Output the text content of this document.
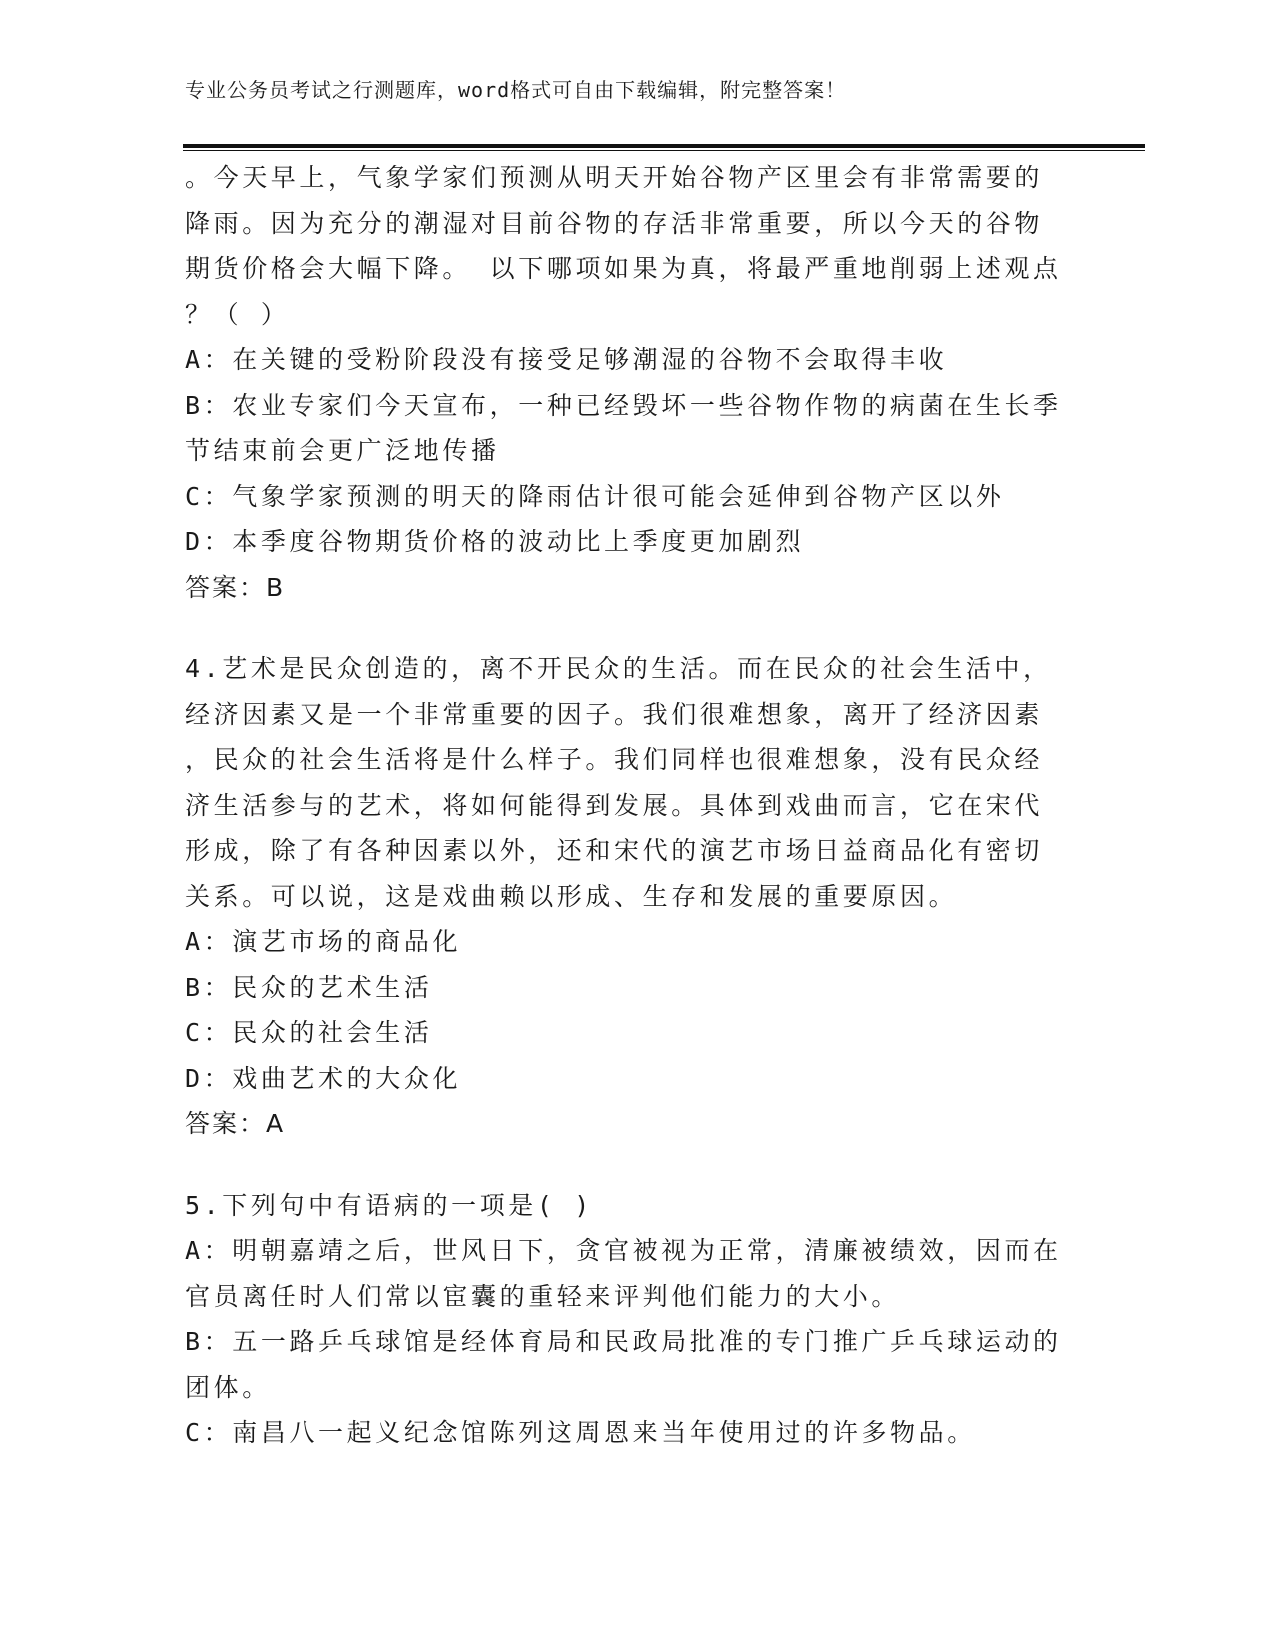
专业公务员考试之行测题库，word格式可自由下载编辑，附完整答案！
。今天早上，气象学家们预测从明天开始谷物产区里会有非常需要的
降雨。因为充分的潮湿对目前谷物的存活非常重要，所以今天的谷物
期货价格会大幅下降。 以下哪项如果为真，将最严重地削弱上述观点
？（ ）
A：在关键的受粉阶段没有接受足够潮湿的谷物不会取得丰收
B：农业专家们今天宣布，一种已经毁坏一些谷物作物的病菌在生长季
节结束前会更广泛地传播
C：气象学家预测的明天的降雨估计很可能会延伸到谷物产区以外
D：本季度谷物期货价格的波动比上季度更加剧烈
答案：B
4.艺术是民众创造的，离不开民众的生活。而在民众的社会生活中，
经济因素又是一个非常重要的因子。我们很难想象，离开了经济因素
，民众的社会生活将是什么样子。我们同样也很难想象，没有民众经
济生活参与的艺术，将如何能得到发展。具体到戏曲而言，它在宋代
形成，除了有各种因素以外，还和宋代的演艺市场日益商品化有密切
关系。可以说，这是戏曲赖以形成、生存和发展的重要原因。
A：演艺市场的商品化
B：民众的艺术生活
C：民众的社会生活
D：戏曲艺术的大众化
答案：A
5.下列句中有语病的一项是( )
A：明朝嘉靖之后，世风日下，贪官被视为正常，清廉被绩效，因而在
官员离任时人们常以宦囊的重轻来评判他们能力的大小。
B：五一路乒乓球馆是经体育局和民政局批准的专门推广乒乓球运动的
团体。
C：南昌八一起义纪念馆陈列这周恩来当年使用过的许多物品。
